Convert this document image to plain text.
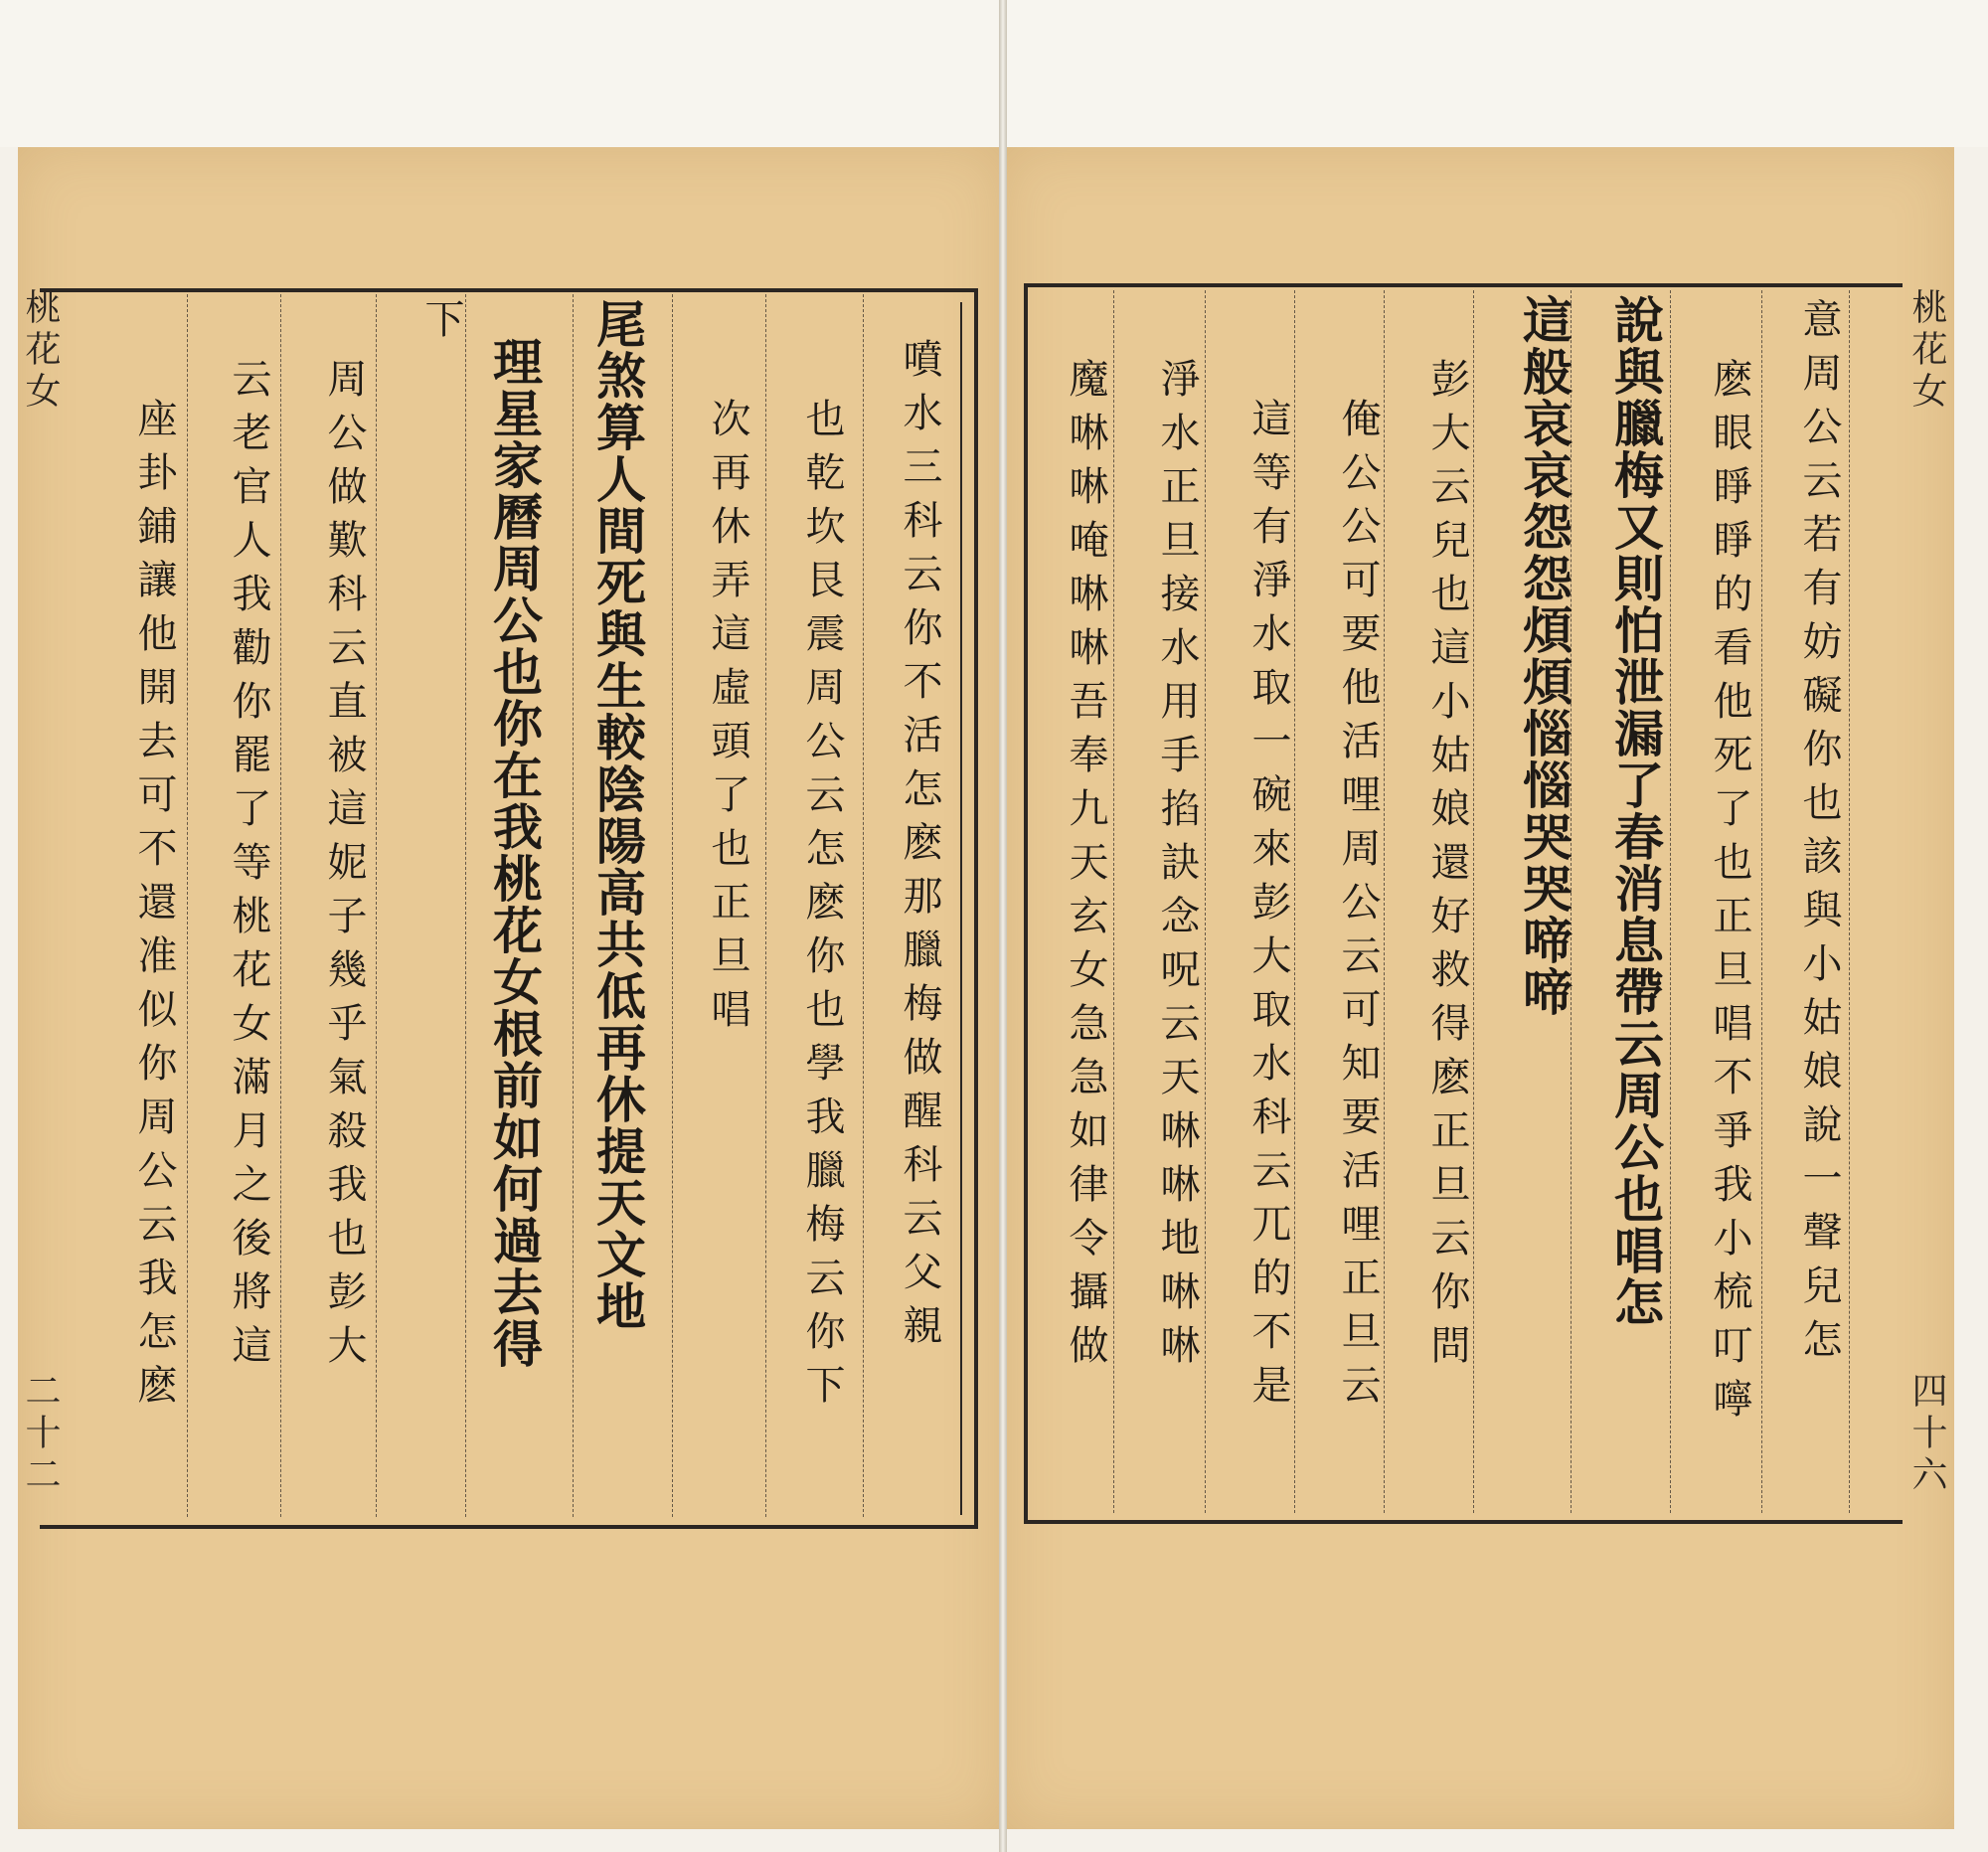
桃花女
二十二
噴水三科云你不活怎麽那臘梅做醒科云父親
也乾坎艮震周公云怎麽你也學我臘梅云你下
次再休弄這虛頭了也正旦唱
尾煞算人間死與生較陰陽高共低再休提天文地
理星家曆周公也你在我桃花女根前如何過去得
下
周公做歎科云直被這妮子幾乎氣殺我也彭大
云老官人我勸你罷了等桃花女滿月之後將這
座卦鋪讓他開去可不還准似你周公云我怎麽
桃花女
四十六
意周公云若有妨礙你也該與小姑娘說一聲兒怎
麽眼睜睜的看他死了也正旦唱不爭我小梳叮嚀
說與臘梅又則怕泄漏了春消息帶云周公也唱怎
這般哀哀怨怨煩煩惱惱哭哭啼啼
彭大云兒也這小姑娘還好救得麽正旦云你問
俺公公可要他活哩周公云可知要活哩正旦云
這等有淨水取一碗來彭大取水科云兀的不是
淨水正旦接水用手掐訣念呪云天啉啉地啉啉
魔啉啉唵啉啉吾奉九天玄女急急如律令攝做
